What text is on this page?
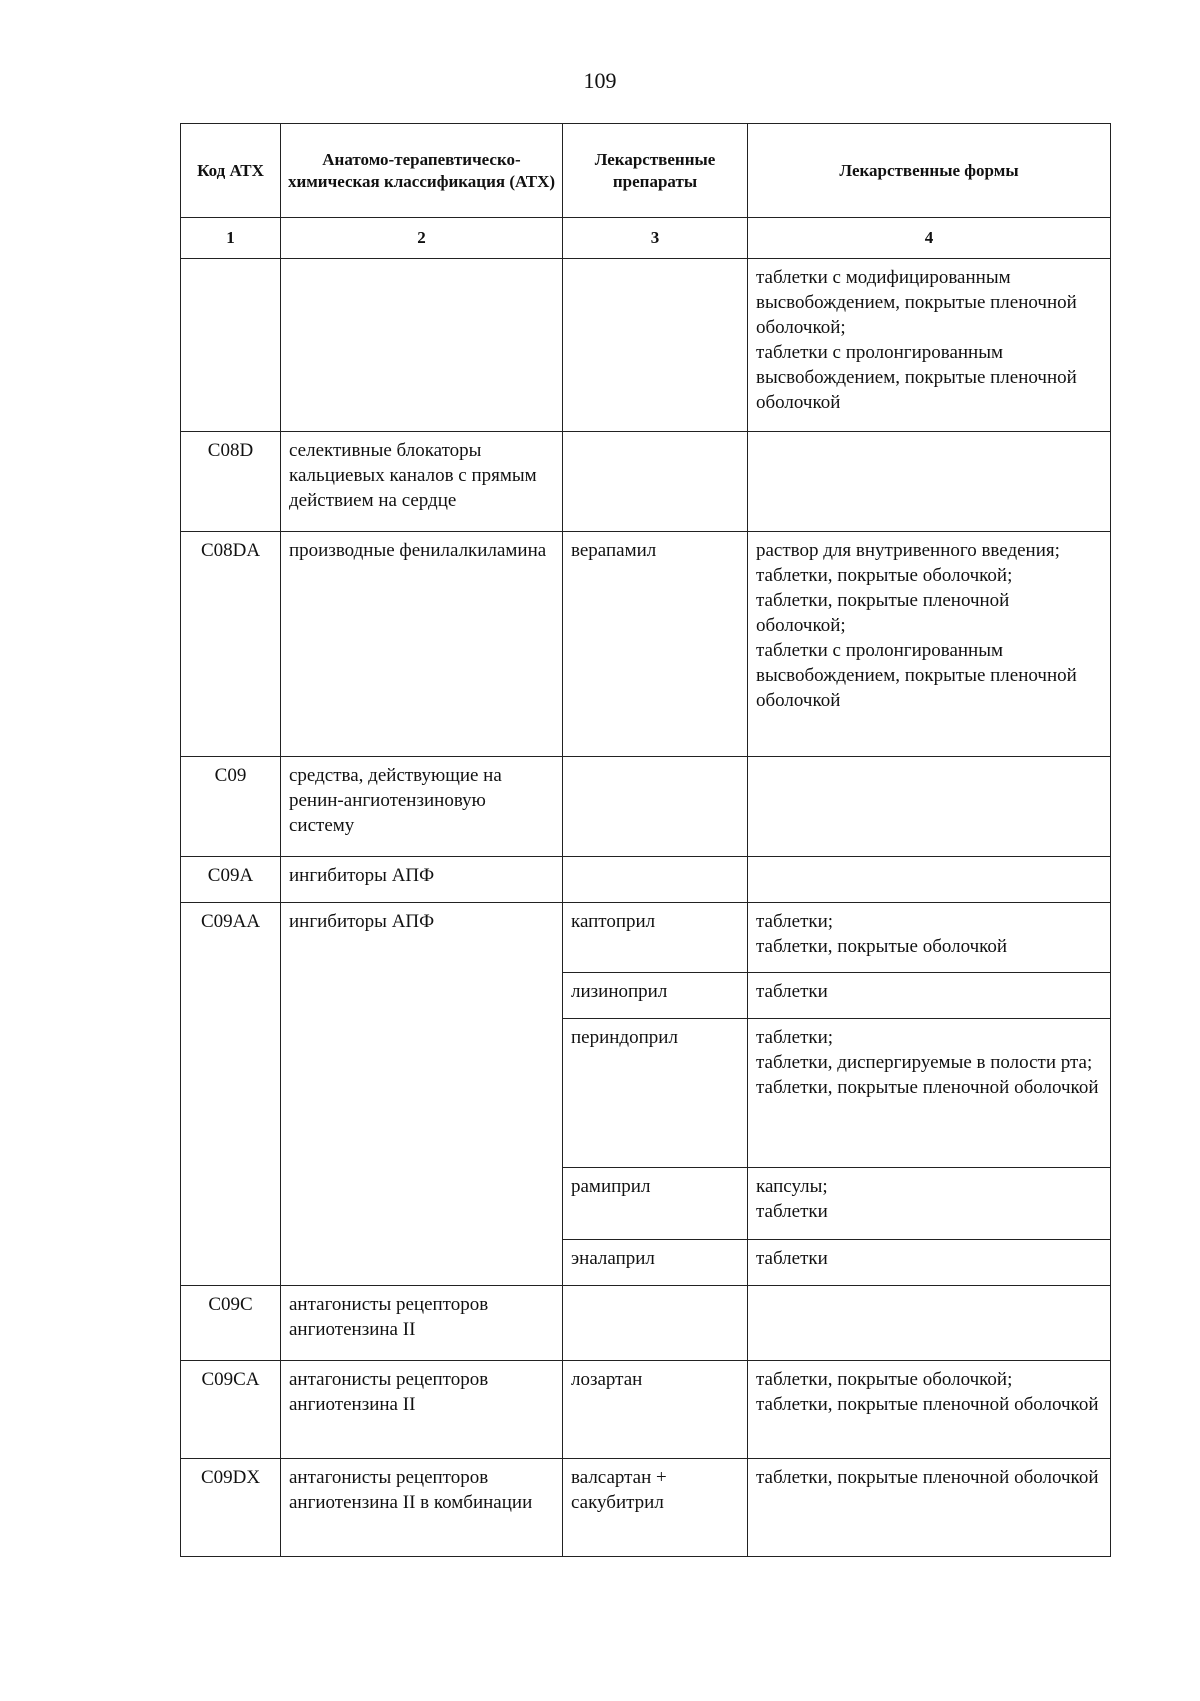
109
Код АТХ	Анатомо-терапевтическо-химическая классификация (АТХ)	Лекарственные препараты	Лекарственные формы
1	2	3	4
			таблетки с модифицированным высвобождением, покрытые пленочной оболочкой;
таблетки с пролонгированным высвобождением, покрытые пленочной оболочкой
C08D	селективные блокаторы кальциевых каналов с прямым действием на сердце		
C08DA	производные фенилалкиламина	верапамил	раствор для внутривенного введения;
таблетки, покрытые оболочкой;
таблетки, покрытые пленочной оболочкой;
таблетки с пролонгированным высвобождением, покрытые пленочной оболочкой
C09	средства, действующие на ренин-ангиотензиновую систему		
C09A	ингибиторы АПФ		
C09AA	ингибиторы АПФ	каптоприл	таблетки;
таблетки, покрытые оболочкой
		лизиноприл	таблетки
		периндоприл	таблетки;
таблетки, диспергируемые в полости рта;
таблетки, покрытые пленочной оболочкой
		рамиприл	капсулы;
таблетки
		эналаприл	таблетки
C09C	антагонисты рецепторов ангиотензина II		
C09CA	антагонисты рецепторов ангиотензина II	лозартан	таблетки, покрытые оболочкой;
таблетки, покрытые пленочной оболочкой
C09DX	антагонисты рецепторов ангиотензина II в комбинации	валсартан + сакубитрил	таблетки, покрытые пленочной оболочкой
